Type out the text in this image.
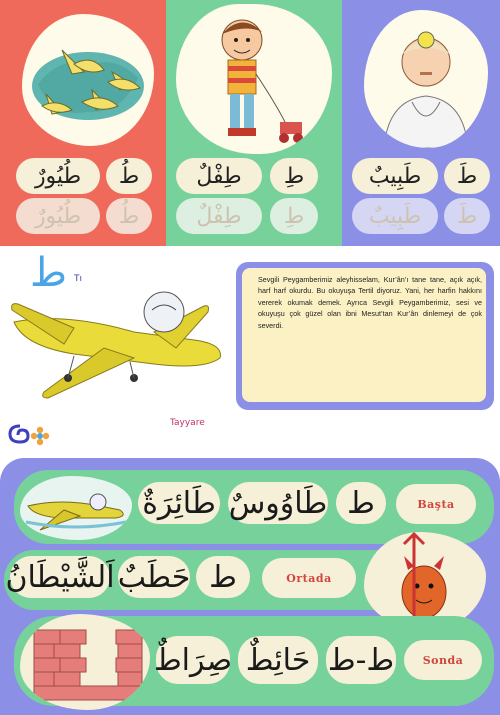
طُيُورٌ طُ
طُيُورٌ طُ
طِفْلٌ طِ
طِفْلٌ طِ
طَبِيبٌ طَ
طَبِيبٌ طَ
ط Tı
Tayyare

Sevgili Peygamberimiz aleyhisselam, Kur’ân’ı tane tane, açık açık, harf harf okurdu. Bu okuyuşa Tertil diyoruz. Yani, her harfin hakkını vererek okumak demek. Ayrıca Sevgili Peygamberimiz, sesi ve okuyuşu çok güzel olan ibni Mesut’tan Kur’ân dinlemeyi de çok severdi.

طَائِرَةٌ طَاوُوسٌ ط	Başta
اَلشَّيْطَانُ حَطَبٌ ط	Ortada
صِرَاطٌ حَائِطٌ ط-ط	Sonda
